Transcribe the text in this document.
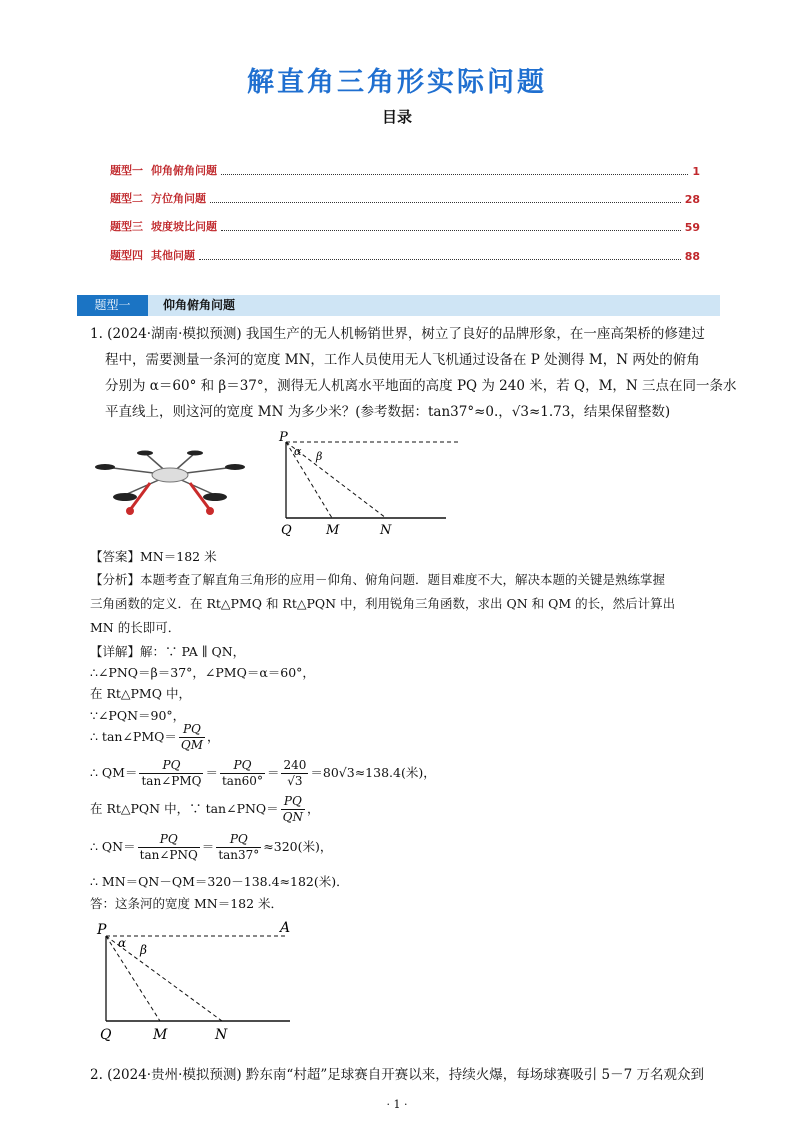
解直角三角形实际问题
目录
题型一 仰角俯角问题	1
题型二 方位角问题	28
题型三 坡度坡比问题	59
题型四 其他问题	88
题型一	仰角俯角问题
1. (2024·湖南·模拟预测) 我国生产的无人机畅销世界，树立了良好的品牌形象，在一座高架桥的修建过
程中，需要测量一条河的宽度 MN，工作人员使用无人飞机通过设备在 P 处测得 M，N 两处的俯角
分别为 α＝60° 和 β＝37°，测得无人机离水平地面的高度 PQ 为 240 米，若 Q，M，N 三点在同一条水
平直线上，则这河的宽度 MN 为多少米？(参考数据：tan37°≈0.，√3≈1.73，结果保留整数)
P
α β
Q	M	N
【答案】MN＝182 米
【分析】本题考查了解直角三角形的应用－仰角、俯角问题．题目难度不大，解决本题的关键是熟练掌握
三角函数的定义．在 Rt△PMQ 和 Rt△PQN 中，利用锐角三角函数，求出 QN 和 QM 的长，然后计算出
MN 的长即可．
【详解】解：∵ PA ∥ QN，
∴∠PNQ＝β＝37°，∠PMQ＝α＝60°，
在 Rt△PMQ 中，
∵∠PQN＝90°，
∴ tan∠PMQ＝ $\frac{PQ}{QM}$ ，
∴ $QM= \frac{PQ}{\text{tan∠PMQ}} = \frac{PQ}{\tan 60^\circ} = \frac{240}{√3} =80√3\approx 138.4$(米)，
在 Rt△PQN 中，∵ tan∠PNQ＝ $\frac{PQ}{QN}$ ，
∴ $QN= \frac{PQ}{\text{tan∠PNQ}} = \frac{PQ}{\tan 37^\circ} \approx 320$(米)，
∴ MN＝QN－QM＝320－138.4≈182(米)．
答：这条河的宽度 MN＝182 米．
P	A
α β
Q	M	N
2. (2024·贵州·模拟预测) 黔东南“村超”足球赛自开赛以来，持续火爆，每场球赛吸引 5－7 万名观众到
· 1 ·
